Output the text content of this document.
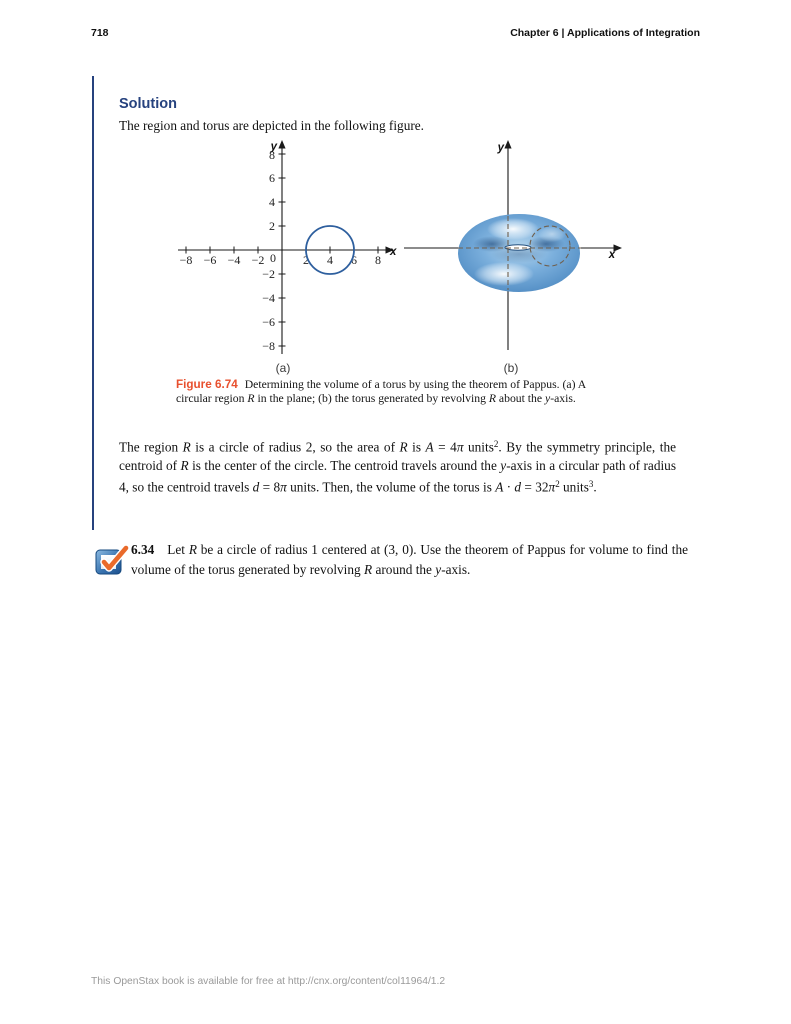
718	Chapter 6 | Applications of Integration
Solution
The region and torus are depicted in the following figure.
−8 −6 −4 −2 0 2 4 6 8
8
6
4
2
−2
−4
−6
−8
x
y
x
y
(a)	(b)
Figure 6.74 Determining the volume of a torus by using the theorem of Pappus. (a) A circular region R in the plane; (b) the torus generated by revolving R about the y-axis.
The region R is a circle of radius 2, so the area of R is A = 4π units$^2$. By the symmetry principle, the centroid of R is the center of the circle. The centroid travels around the y-axis in a circular path of radius 4, so the centroid travels d = 8π units. Then, the volume of the torus is $A \cdot d = 32\pi^2$ units$^3$.
6.34 Let R be a circle of radius 1 centered at (3, 0). Use the theorem of Pappus for volume to find the volume of the torus generated by revolving R around the y-axis.
This OpenStax book is available for free at http://cnx.org/content/col11964/1.2
